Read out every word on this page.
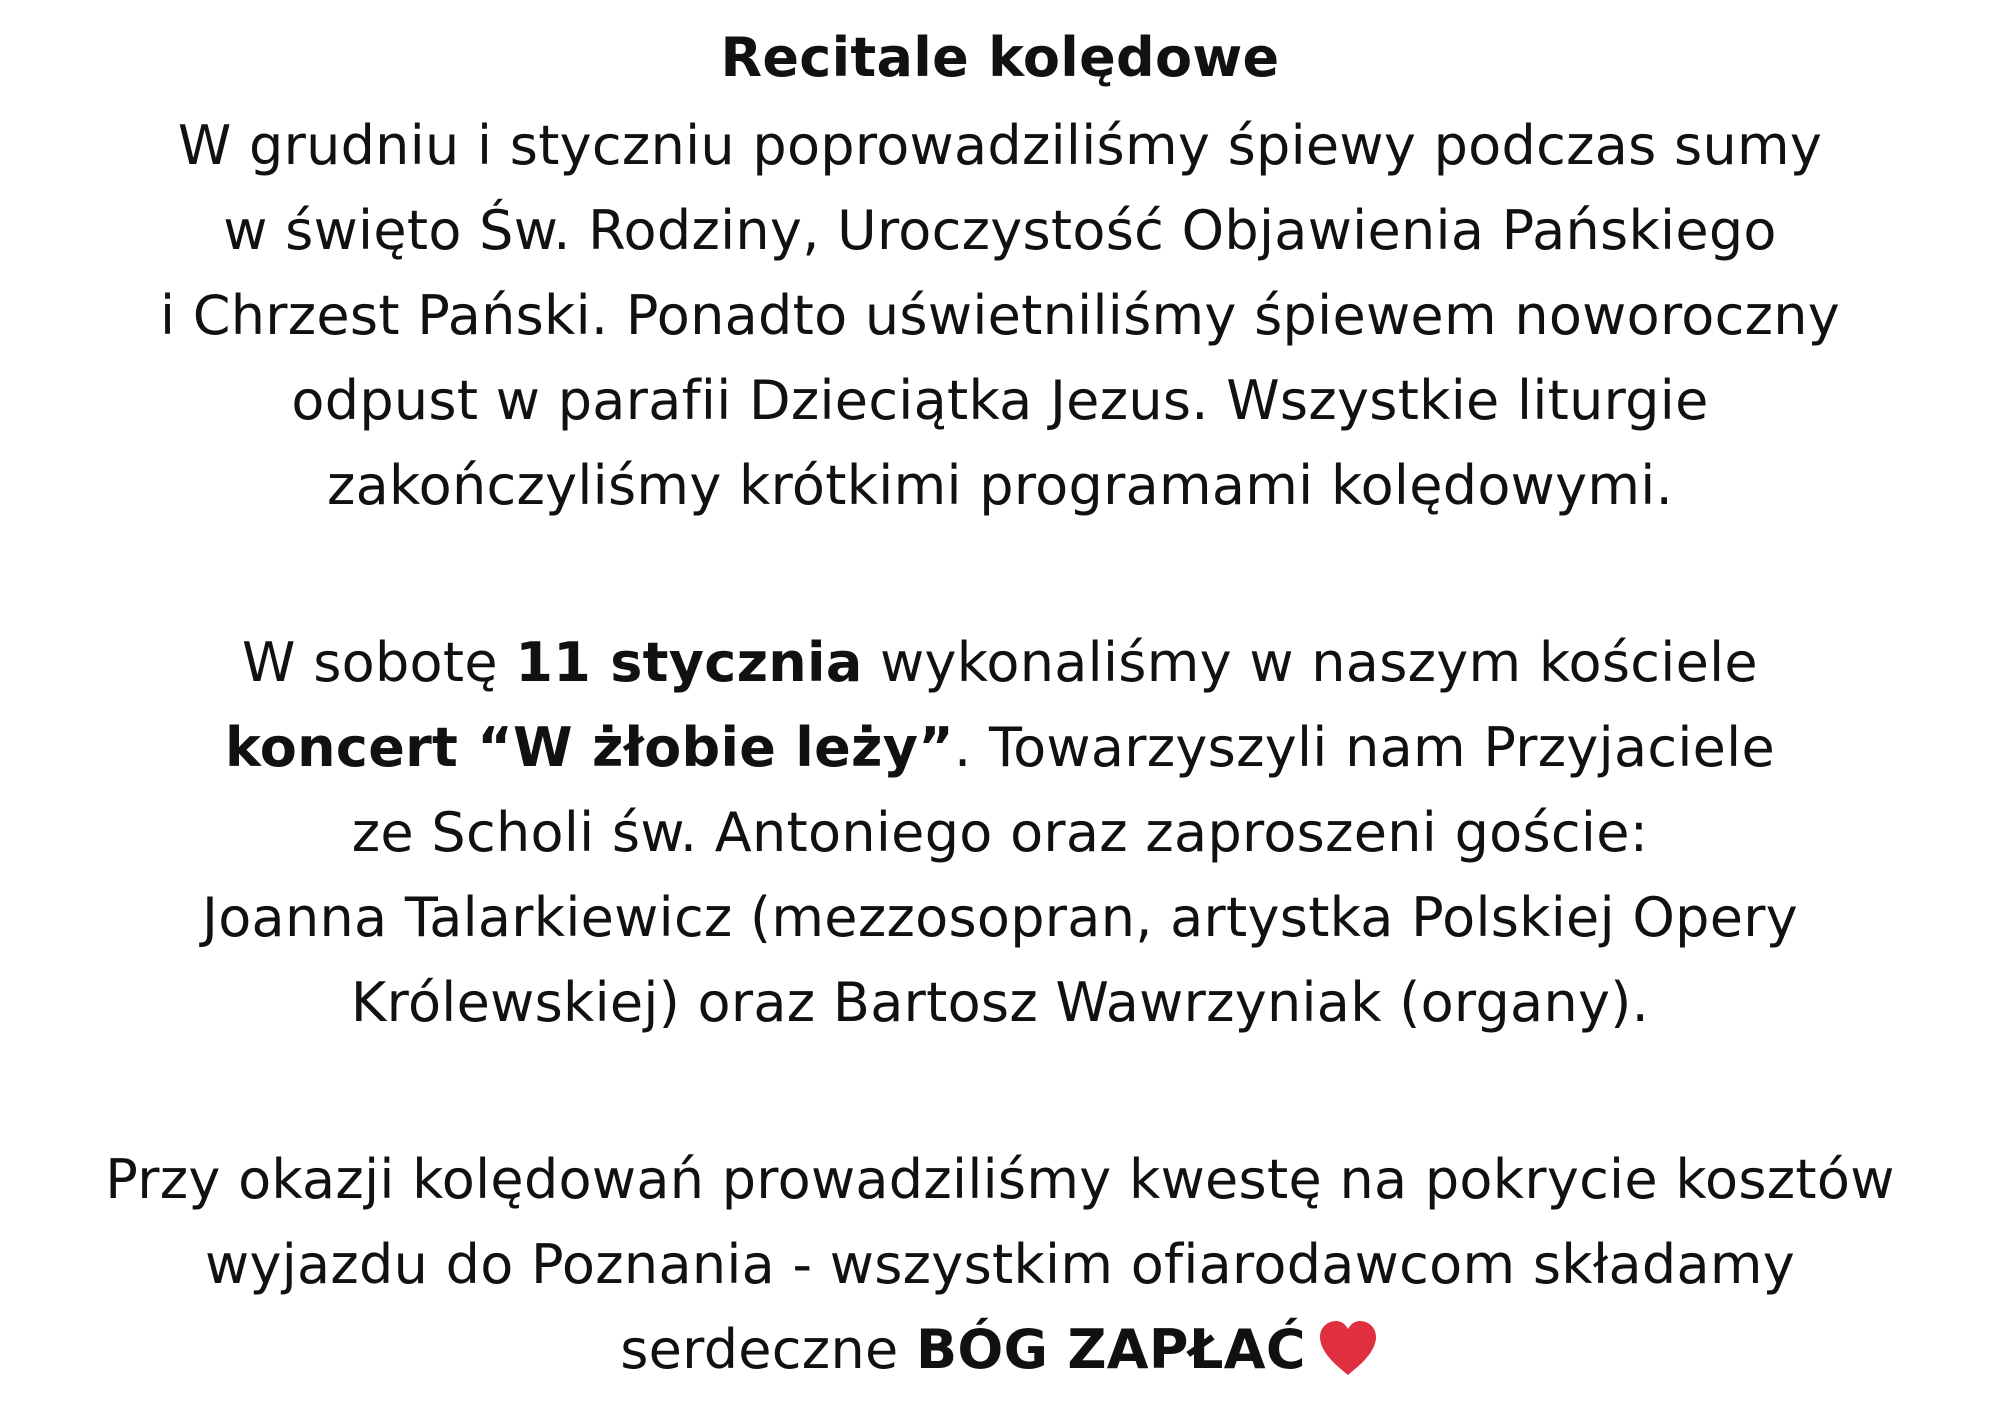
Recitale kolędowe
W grudniu i styczniu poprowadziliśmy śpiewy podczas sumy
w święto Św. Rodziny, Uroczystość Objawienia Pańskiego
i Chrzest Pański. Ponadto uświetniliśmy śpiewem noworoczny
odpust w parafii Dzieciątka Jezus. Wszystkie liturgie
zakończyliśmy krótkimi programami kolędowymi.
W sobotę 11 stycznia wykonaliśmy w naszym kościele
koncert “W żłobie leży”. Towarzyszyli nam Przyjaciele
ze Scholi św. Antoniego oraz zaproszeni goście:
Joanna Talarkiewicz (mezzosopran, artystka Polskiej Opery
Królewskiej) oraz Bartosz Wawrzyniak (organy).
Przy okazji kolędowań prowadziliśmy kwestę na pokrycie kosztów
wyjazdu do Poznania - wszystkim ofiarodawcom składamy
serdeczne BÓG ZAPŁAĆ
